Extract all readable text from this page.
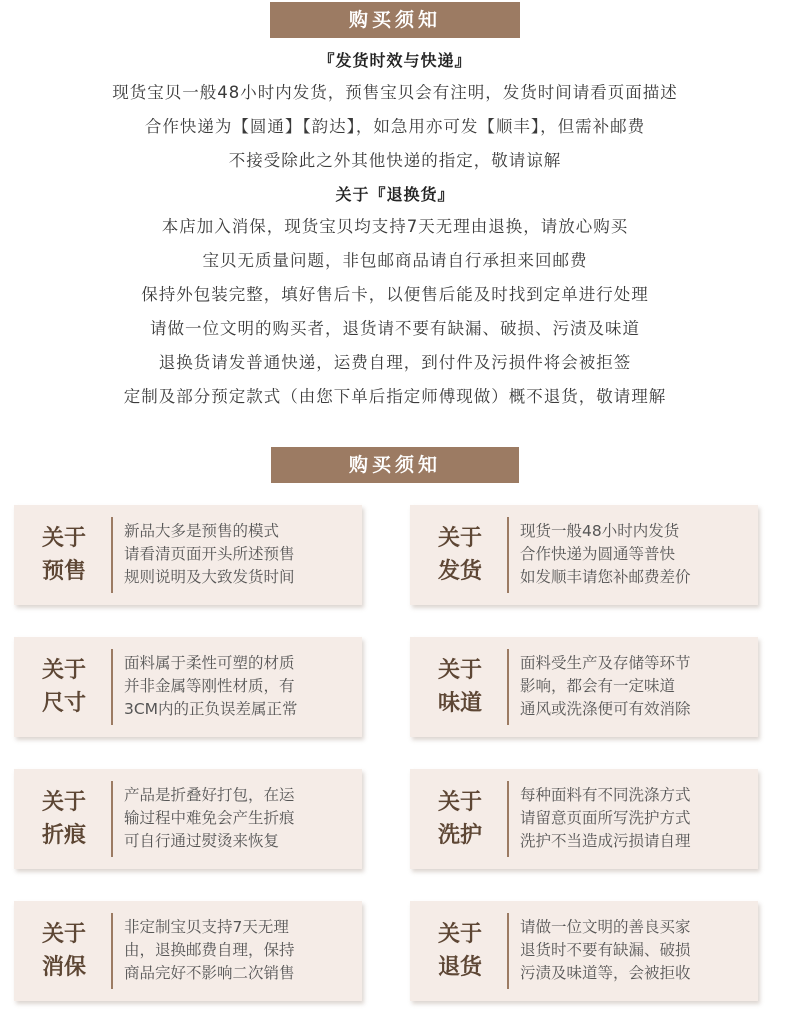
购买须知
『发货时效与快递』
现货宝贝一般48小时内发货，预售宝贝会有注明，发货时间请看页面描述
合作快递为【圆通】【韵达】，如急用亦可发【顺丰】，但需补邮费
不接受除此之外其他快递的指定，敬请谅解
关于『退换货』
本店加入消保，现货宝贝均支持7天无理由退换，请放心购买
宝贝无质量问题，非包邮商品请自行承担来回邮费
保持外包装完整，填好售后卡，以便售后能及时找到定单进行处理
请做一位文明的购买者，退货请不要有缺漏、破损、污渍及味道
退换货请发普通快递，运费自理，到付件及污损件将会被拒签
定制及部分预定款式（由您下单后指定师傅现做）概不退货，敬请理解
购买须知
关于
预售
新品大多是预售的模式
请看清页面开头所述预售
规则说明及大致发货时间
关于
发货
现货一般48小时内发货
合作快递为圆通等普快
如发顺丰请您补邮费差价
关于
尺寸
面料属于柔性可塑的材质
并非金属等刚性材质，有
3CM内的正负误差属正常
关于
味道
面料受生产及存储等环节
影响，都会有一定味道
通风或洗涤便可有效消除
关于
折痕
产品是折叠好打包，在运
输过程中难免会产生折痕
可自行通过熨烫来恢复
关于
洗护
每种面料有不同洗涤方式
请留意页面所写洗护方式
洗护不当造成污损请自理
关于
消保
非定制宝贝支持7天无理
由，退换邮费自理，保持
商品完好不影响二次销售
关于
退货
请做一位文明的善良买家
退货时不要有缺漏、破损
污渍及味道等，会被拒收
